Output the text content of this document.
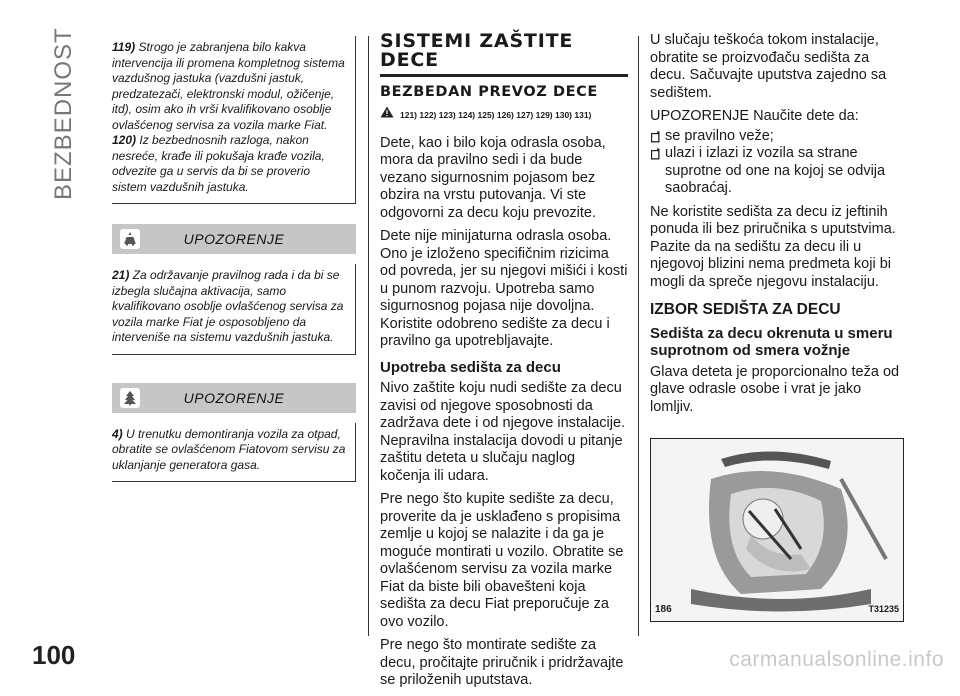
BEZBEDNOST	119) Strogo je zabranjena bilo kakva intervencija ili promena kompletnog sistema vazdušnog jastuka (vazdušni jastuk, predzatezači, elektronski modul, ožičenje, itd), osim ako ih vrši kvalifikovano osoblje ovlašćenog servisa za vozila marke Fiat.

120) Iz bezbednosnih razloga, nakon nesreće, krađe ili pokušaja krađe vozila, odvezite ga u servis da bi se proverio sistem vazdušnih jastuka.

UPOZORENJE

21) Za održavanje pravilnog rada i da bi se izbegla slučajna aktivacija, samo kvalifikovano osoblje ovlašćenog servisa za vozila marke Fiat je osposobljeno da interveniše na sistemu vazdušnih jastuka.

UPOZORENJE

4) U trenutku demontiranja vozila za otpad, obratite se ovlašćenom Fiatovom servisu za uklanjanje generatora gasa.

SISTEMI ZAŠTITE DECE
BEZBEDAN PREVOZ DECE
121) 122) 123) 124) 125) 126) 127) 129) 130) 131)

Dete, kao i bilo koja odrasla osoba, mora da pravilno sedi i da bude vezano sigurnosnim pojasom bez obzira na vrstu putovanja. Vi ste odgovorni za decu koju prevozite.

Dete nije minijaturna odrasla osoba. Ono je izloženo specifičnim rizicima od povreda, jer su njegovi mišići i kosti u punom razvoju. Upotreba samo sigurnosnog pojasa nije dovoljna. Koristite odobreno sedište za decu i pravilno ga upotrebljavajte.

Upotreba sedišta za decu

Nivo zaštite koju nudi sedište za decu zavisi od njegove sposobnosti da zadržava dete i od njegove instalacije. Nepravilna instalacija dovodi u pitanje zaštitu deteta u slučaju naglog kočenja ili udara.

Pre nego što kupite sedište za decu, proverite da je usklađeno s propisima zemlje u kojoj se nalazite i da ga je moguće montirati u vozilo. Obratite se ovlašćenom servisu za vozila marke Fiat da biste bili obavešteni koja sedišta za decu Fiat preporučuje za ovo vozilo.

Pre nego što montirate sedište za decu, pročitajte priručnik i pridržavajte se priloženih uputstava.

U slučaju teškoća tokom instalacije, obratite se proizvođaču sedišta za decu. Sačuvajte uputstva zajedno sa sedištem.

UPOZORENJE Naučite dete da:

se pravilno veže;
ulazi i izlazi iz vozila sa strane suprotne od one na kojoj se odvija saobraćaj.

Ne koristite sedišta za decu iz jeftinih ponuda ili bez priručnika s uputstvima. Pazite da na sedištu za decu ili u njegovoj blizini nema predmeta koji bi mogli da spreče njegovu instalaciju.

IZBOR SEDIŠTA ZA DECU
Sedišta za decu okrenuta u smeru suprotnom od smera vožnje

Glava deteta je proporcionalno teža od glave odrasle osobe i vrat je jako lomljiv.

186	T31235
100	carmanualsonline.info
